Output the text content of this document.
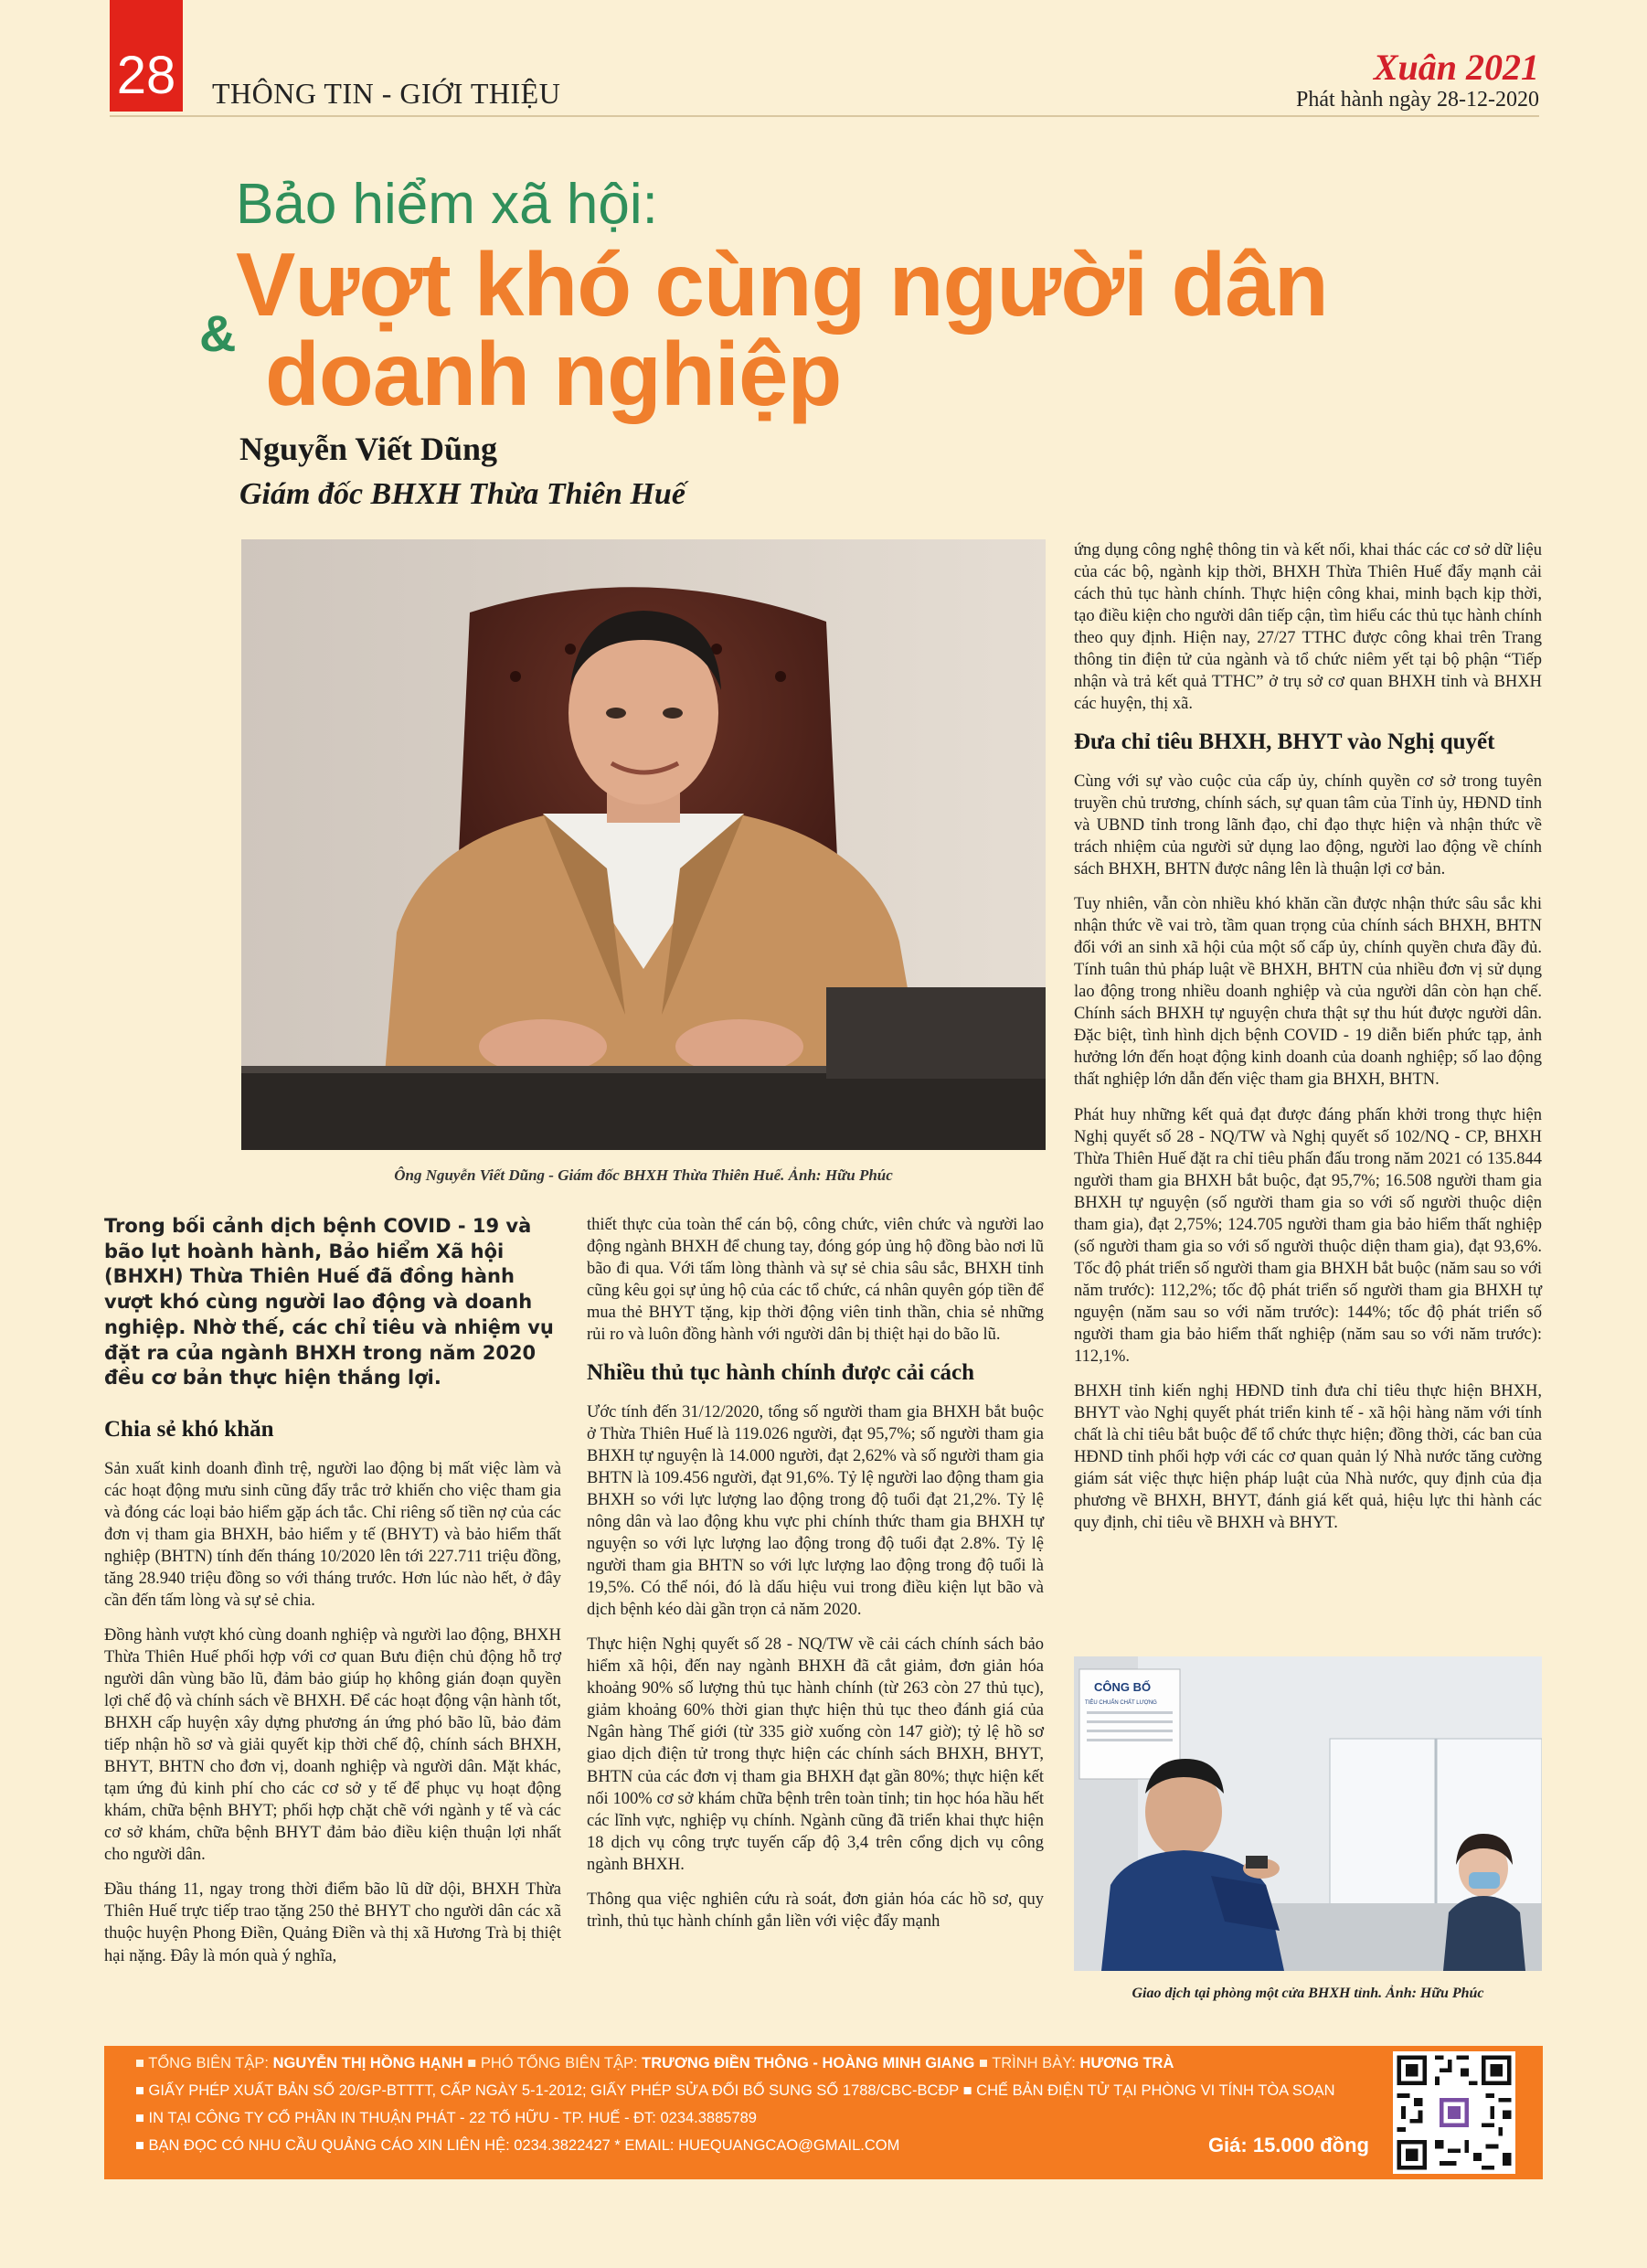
28 THÔNG TIN - GIỚI THIỆU
Xuân 2021
Phát hành ngày 28-12-2020
Bảo hiểm xã hội:
Vượt khó cùng người dân
& doanh nghiệp
Nguyễn Viết Dũng
Giám đốc BHXH Thừa Thiên Huế
Ông Nguyễn Viết Dũng - Giám đốc BHXH Thừa Thiên Huế. Ảnh: Hữu Phúc

Trong bối cảnh dịch bệnh COVID - 19 và bão lụt hoành hành, Bảo hiểm Xã hội (BHXH) Thừa Thiên Huế đã đồng hành vượt khó cùng người lao động và doanh nghiệp. Nhờ thế, các chỉ tiêu và nhiệm vụ đặt ra của ngành BHXH trong năm 2020 đều cơ bản thực hiện thắng lợi.

Chia sẻ khó khăn

Sản xuất kinh doanh đình trệ, người lao động bị mất việc làm và các hoạt động mưu sinh cũng đẩy trắc trở khiến cho việc tham gia và đóng các loại bảo hiểm gặp ách tắc. Chỉ riêng số tiền nợ của các đơn vị tham gia BHXH, bảo hiểm y tế (BHYT) và bảo hiểm thất nghiệp (BHTN) tính đến tháng 10/2020 lên tới 227.711 triệu đồng, tăng 28.940 triệu đồng so với tháng trước. Hơn lúc nào hết, ở đây cần đến tấm lòng và sự sẻ chia.

Đồng hành vượt khó cùng doanh nghiệp và người lao động, BHXH Thừa Thiên Huế phối hợp với cơ quan Bưu điện chủ động hỗ trợ người dân vùng bão lũ, đảm bảo giúp họ không gián đoạn quyền lợi chế độ và chính sách về BHXH. Để các hoạt động vận hành tốt, BHXH cấp huyện xây dựng phương án ứng phó bão lũ, bảo đảm tiếp nhận hồ sơ và giải quyết kịp thời chế độ, chính sách BHXH, BHYT, BHTN cho đơn vị, doanh nghiệp và người dân. Mặt khác, tạm ứng đủ kinh phí cho các cơ sở y tế để phục vụ hoạt động khám, chữa bệnh BHYT; phối hợp chặt chẽ với ngành y tế và các cơ sở khám, chữa bệnh BHYT đảm bảo điều kiện thuận lợi nhất cho người dân.

Đầu tháng 11, ngay trong thời điểm bão lũ dữ dội, BHXH Thừa Thiên Huế trực tiếp trao tặng 250 thẻ BHYT cho người dân các xã thuộc huyện Phong Điền, Quảng Điền và thị xã Hương Trà bị thiệt hại nặng. Đây là món quà ý nghĩa,

thiết thực của toàn thể cán bộ, công chức, viên chức và người lao động ngành BHXH để chung tay, đóng góp ủng hộ đồng bào nơi lũ bão đi qua. Với tấm lòng thành và sự sẻ chia sâu sắc, BHXH tỉnh cũng kêu gọi sự ủng hộ của các tổ chức, cá nhân quyên góp tiền để mua thẻ BHYT tặng, kịp thời động viên tinh thần, chia sẻ những rủi ro và luôn đồng hành với người dân bị thiệt hại do bão lũ.

Nhiều thủ tục hành chính được cải cách

Ước tính đến 31/12/2020, tổng số người tham gia BHXH bắt buộc ở Thừa Thiên Huế là 119.026 người, đạt 95,7%; số người tham gia BHXH tự nguyện là 14.000 người, đạt 2,62% và số người tham gia BHTN là 109.456 người, đạt 91,6%. Tỷ lệ người lao động tham gia BHXH so với lực lượng lao động trong độ tuổi đạt 21,2%. Tỷ lệ nông dân và lao động khu vực phi chính thức tham gia BHXH tự nguyện so với lực lượng lao động trong độ tuổi đạt 2.8%. Tỷ lệ người tham gia BHTN so với lực lượng lao động trong độ tuổi là 19,5%. Có thể nói, đó là dấu hiệu vui trong điều kiện lụt bão và dịch bệnh kéo dài gần trọn cả năm 2020.

Thực hiện Nghị quyết số 28 - NQ/TW về cải cách chính sách bảo hiểm xã hội, đến nay ngành BHXH đã cắt giảm, đơn giản hóa khoảng 90% số lượng thủ tục hành chính (từ 263 còn 27 thủ tục), giảm khoảng 60% thời gian thực hiện thủ tục theo đánh giá của Ngân hàng Thế giới (từ 335 giờ xuống còn 147 giờ); tỷ lệ hồ sơ giao dịch điện tử trong thực hiện các chính sách BHXH, BHYT, BHTN của các đơn vị tham gia BHXH đạt gần 80%; thực hiện kết nối 100% cơ sở khám chữa bệnh trên toàn tỉnh; tin học hóa hầu hết các lĩnh vực, nghiệp vụ chính. Ngành cũng đã triển khai thực hiện 18 dịch vụ công trực tuyến cấp độ 3,4 trên cổng dịch vụ công ngành BHXH.

Thông qua việc nghiên cứu rà soát, đơn giản hóa các hồ sơ, quy trình, thủ tục hành chính gắn liền với việc đẩy mạnh

ứng dụng công nghệ thông tin và kết nối, khai thác các cơ sở dữ liệu của các bộ, ngành kịp thời, BHXH Thừa Thiên Huế đẩy mạnh cải cách thủ tục hành chính. Thực hiện công khai, minh bạch kịp thời, tạo điều kiện cho người dân tiếp cận, tìm hiểu các thủ tục hành chính theo quy định. Hiện nay, 27/27 TTHC được công khai trên Trang thông tin điện tử của ngành và tổ chức niêm yết tại bộ phận “Tiếp nhận và trả kết quả TTHC” ở trụ sở cơ quan BHXH tỉnh và BHXH các huyện, thị xã.

Đưa chỉ tiêu BHXH, BHYT vào Nghị quyết

Cùng với sự vào cuộc của cấp ủy, chính quyền cơ sở trong tuyên truyền chủ trương, chính sách, sự quan tâm của Tỉnh ủy, HĐND tỉnh và UBND tỉnh trong lãnh đạo, chỉ đạo thực hiện và nhận thức về trách nhiệm của người sử dụng lao động, người lao động về chính sách BHXH, BHTN được nâng lên là thuận lợi cơ bản.

Tuy nhiên, vẫn còn nhiều khó khăn cần được nhận thức sâu sắc khi nhận thức về vai trò, tầm quan trọng của chính sách BHXH, BHTN đối với an sinh xã hội của một số cấp ủy, chính quyền chưa đầy đủ. Tính tuân thủ pháp luật về BHXH, BHTN của nhiều đơn vị sử dụng lao động trong nhiều doanh nghiệp và của người dân còn hạn chế. Chính sách BHXH tự nguyện chưa thật sự thu hút được người dân. Đặc biệt, tình hình dịch bệnh COVID - 19 diễn biến phức tạp, ảnh hưởng lớn đến hoạt động kinh doanh của doanh nghiệp; số lao động thất nghiệp lớn dẫn đến việc tham gia BHXH, BHTN.

Phát huy những kết quả đạt được đáng phấn khởi trong thực hiện Nghị quyết số 28 - NQ/TW và Nghị quyết số 102/NQ - CP, BHXH Thừa Thiên Huế đặt ra chỉ tiêu phấn đấu trong năm 2021 có 135.844 người tham gia BHXH bắt buộc, đạt 95,7%; 16.508 người tham gia BHXH tự nguyện (số người tham gia so với số người thuộc diện tham gia), đạt 2,75%; 124.705 người tham gia bảo hiểm thất nghiệp (số người tham gia so với số người thuộc diện tham gia), đạt 93,6%. Tốc độ phát triển số người tham gia BHXH bắt buộc (năm sau so với năm trước): 112,2%; tốc độ phát triển số người tham gia BHXH tự nguyện (năm sau so với năm trước): 144%; tốc độ phát triển số người tham gia bảo hiểm thất nghiệp (năm sau so với năm trước): 112,1%.

BHXH tỉnh kiến nghị HĐND tỉnh đưa chỉ tiêu thực hiện BHXH, BHYT vào Nghị quyết phát triển kinh tế - xã hội hàng năm với tính chất là chỉ tiêu bắt buộc để tổ chức thực hiện; đồng thời, các ban của HĐND tỉnh phối hợp với các cơ quan quản lý Nhà nước tăng cường giám sát việc thực hiện pháp luật của Nhà nước, quy định của địa phương về BHXH, BHYT, đánh giá kết quả, hiệu lực thi hành các quy định, chỉ tiêu về BHXH và BHYT.

CÔNG BỐ
TIÊU CHUẨN CHẤT LƯỢNG
Giao dịch tại phòng một cửa BHXH tỉnh. Ảnh: Hữu Phúc
■ TỔNG BIÊN TẬP: NGUYỄN THỊ HỒNG HẠNH ■ PHÓ TỔNG BIÊN TẬP: TRƯƠNG ĐIỀN THÔNG - HOÀNG MINH GIANG ■ TRÌNH BÀY: HƯƠNG TRÀ
■ GIẤY PHÉP XUẤT BẢN SỐ 20/GP-BTTTT, CẤP NGÀY 5-1-2012; GIẤY PHÉP SỬA ĐỔI BỔ SUNG SỐ 1788/CBC-BCĐP ■ CHẾ BẢN ĐIỆN TỬ TẠI PHÒNG VI TÍNH TÒA SOẠN
■ IN TẠI CÔNG TY CỔ PHẦN IN THUẬN PHÁT - 22 TỐ HỮU - TP. HUẾ - ĐT: 0234.3885789
■ BẠN ĐỌC CÓ NHU CẦU QUẢNG CÁO XIN LIÊN HỆ: 0234.3822427 * EMAIL: HUEQUANGCAO@GMAIL.COM	Giá: 15.000 đồng
